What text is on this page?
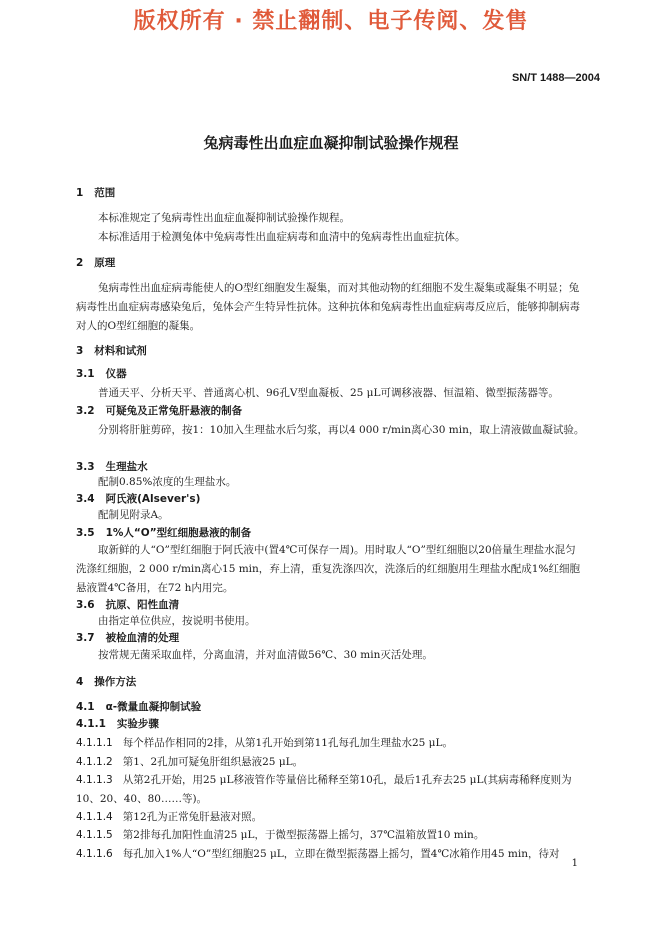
版权所有 · 禁止翻制、电子传阅、发售
SN/T 1488—2004
兔病毒性出血症血凝抑制试验操作规程
1 范围
本标准规定了兔病毒性出血症血凝抑制试验操作规程。
本标准适用于检测兔体中兔病毒性出血症病毒和血清中的兔病毒性出血症抗体。
2 原理
兔病毒性出血症病毒能使人的O型红细胞发生凝集，而对其他动物的红细胞不发生凝集或凝集不明显；兔病毒性出血症病毒感染兔后，兔体会产生特异性抗体。这种抗体和兔病毒性出血症病毒反应后，能够抑制病毒对人的O型红细胞的凝集。
3 材料和试剂
3.1 仪器
普通天平、分析天平、普通离心机、96孔V型血凝板、25 μL可调移液器、恒温箱、微型振荡器等。
3.2 可疑兔及正常兔肝悬液的制备
分别将肝脏剪碎，按1：10加入生理盐水后匀浆，再以4 000 r/min离心30 min，取上清液做血凝试验。
3.3 生理盐水
配制0.85%浓度的生理盐水。
3.4 阿氏液(Alsever's)
配制见附录A。
3.5 1%人“O”型红细胞悬液的制备
取新鲜的人“O”型红细胞于阿氏液中(置4℃可保存一周)。用时取人“O”型红细胞以20倍量生理盐水混匀洗涤红细胞，2 000 r/min离心15 min，弃上清，重复洗涤四次，洗涤后的红细胞用生理盐水配成1%红细胞悬液置4℃备用，在72 h内用完。
3.6 抗原、阳性血清
由指定单位供应，按说明书使用。
3.7 被检血清的处理
按常规无菌采取血样，分离血清，并对血清做56℃、30 min灭活处理。
4 操作方法
4.1 α-微量血凝抑制试验
4.1.1 实验步骤
4.1.1.1 每个样品作相同的2排，从第1孔开始到第11孔每孔加生理盐水25 μL。
4.1.1.2 第1、2孔加可疑兔肝组织悬液25 μL。
4.1.1.3 从第2孔开始，用25 μL移液管作等量倍比稀释至第10孔，最后1孔弃去25 μL(其病毒稀释度则为10、20、40、80……等)。
4.1.1.4 第12孔为正常兔肝悬液对照。
4.1.1.5 第2排每孔加阳性血清25 μL，于微型振荡器上摇匀，37℃温箱放置10 min。
4.1.1.6 每孔加入1%人“O”型红细胞25 μL，立即在微型振荡器上摇匀，置4℃冰箱作用45 min，待对
1
